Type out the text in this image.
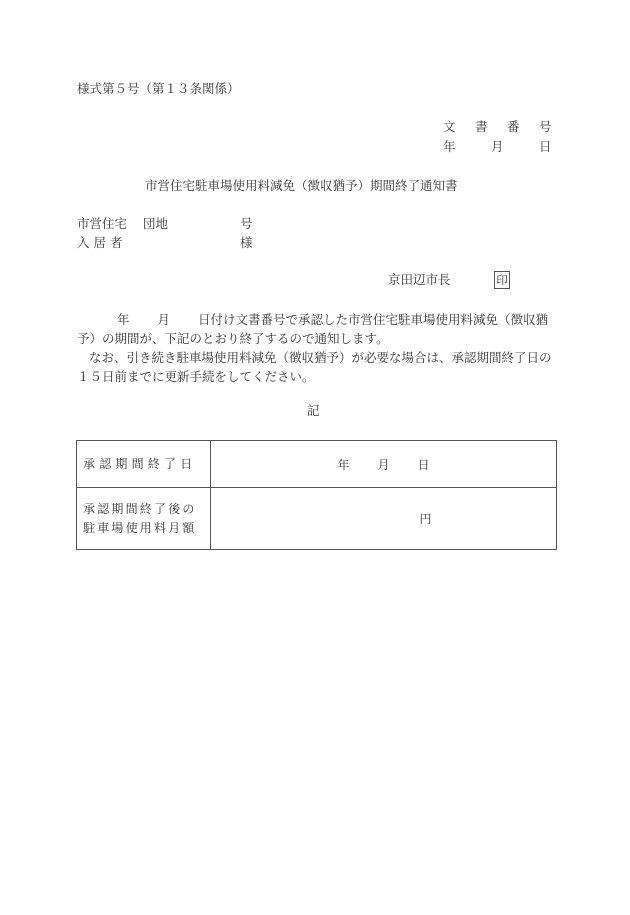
様式第５号（第１３条関係）
文 書 番 号
年	月	日
市営住宅駐車場使用料減免（徴収猶予）期間終了通知書
市営住宅 団地	号
入 居 者	様
京田辺市長	印

年 月 日付け文書番号で承認した市営住宅駐車場使用料減免（徴収猶予）の期間が、下記のとおり終了するので通知します。

なお、引き続き駐車場使用料減免（徴収猶予）が必要な場合は、承認期間終了日の１５日前までに更新手続をしてください。

記
承認期間終了日	年 月 日

承認期間終了後の
駐車場使用料月額	円
